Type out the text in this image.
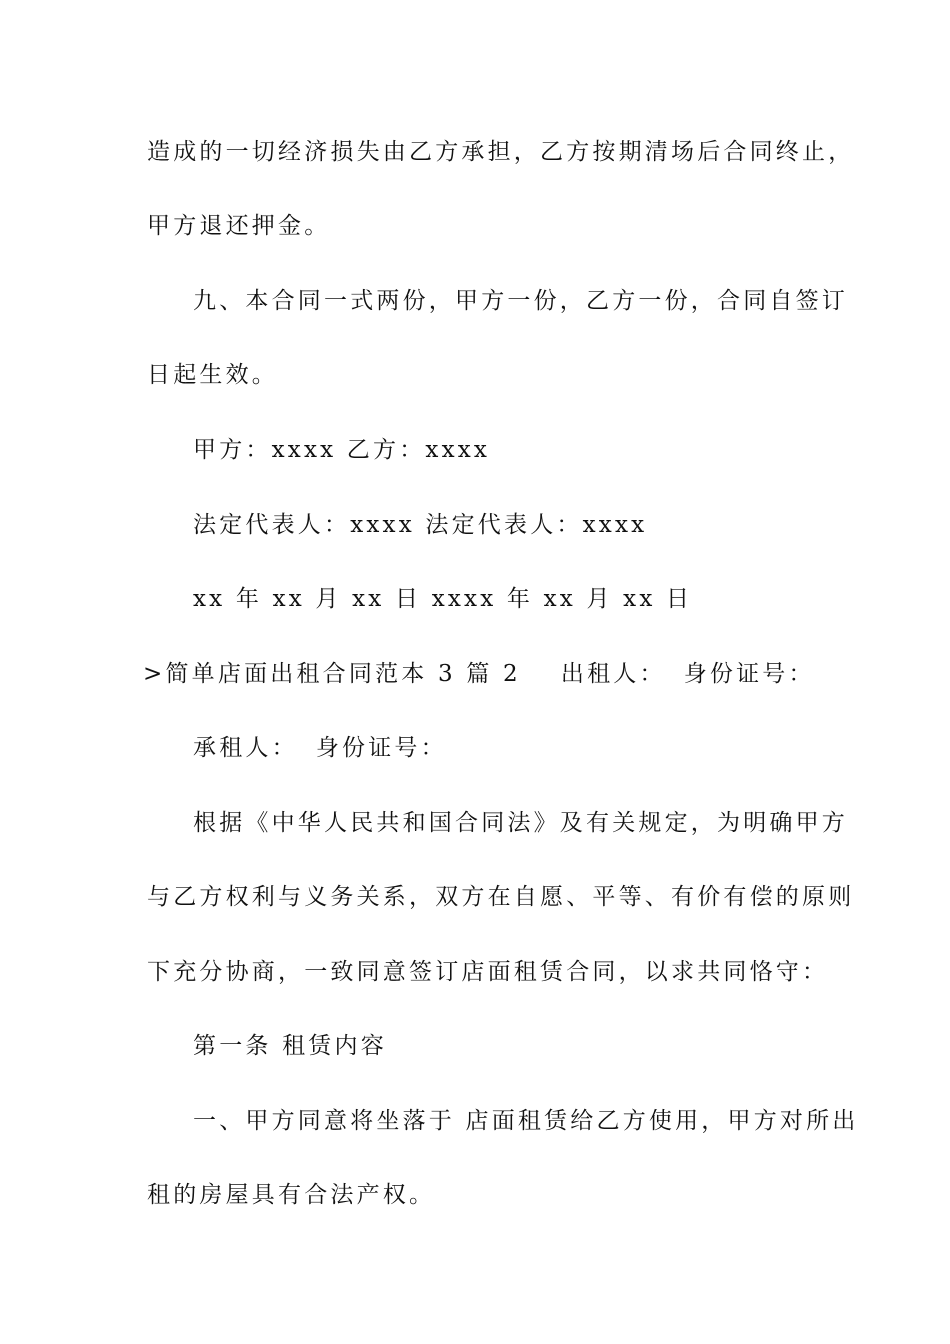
造成的一切经济损失由乙方承担，乙方按期清场后合同终止，
甲方退还押金。
九、本合同一式两份，甲方一份，乙方一份，合同自签订
日起生效。
甲方：xxxx 乙方：xxxx
法定代表人：xxxx 法定代表人：xxxx
xx 年 xx 月 xx 日 xxxx 年 xx 月 xx 日
>简单店面出租合同范本 3 篇 2 出租人： 身份证号：
承租人： 身份证号：
根据《中华人民共和国合同法》及有关规定，为明确甲方
与乙方权利与义务关系，双方在自愿、平等、有价有偿的原则
下充分协商，一致同意签订店面租赁合同，以求共同恪守：
第一条 租赁内容
一、甲方同意将坐落于 店面租赁给乙方使用，甲方对所出
租的房屋具有合法产权。
